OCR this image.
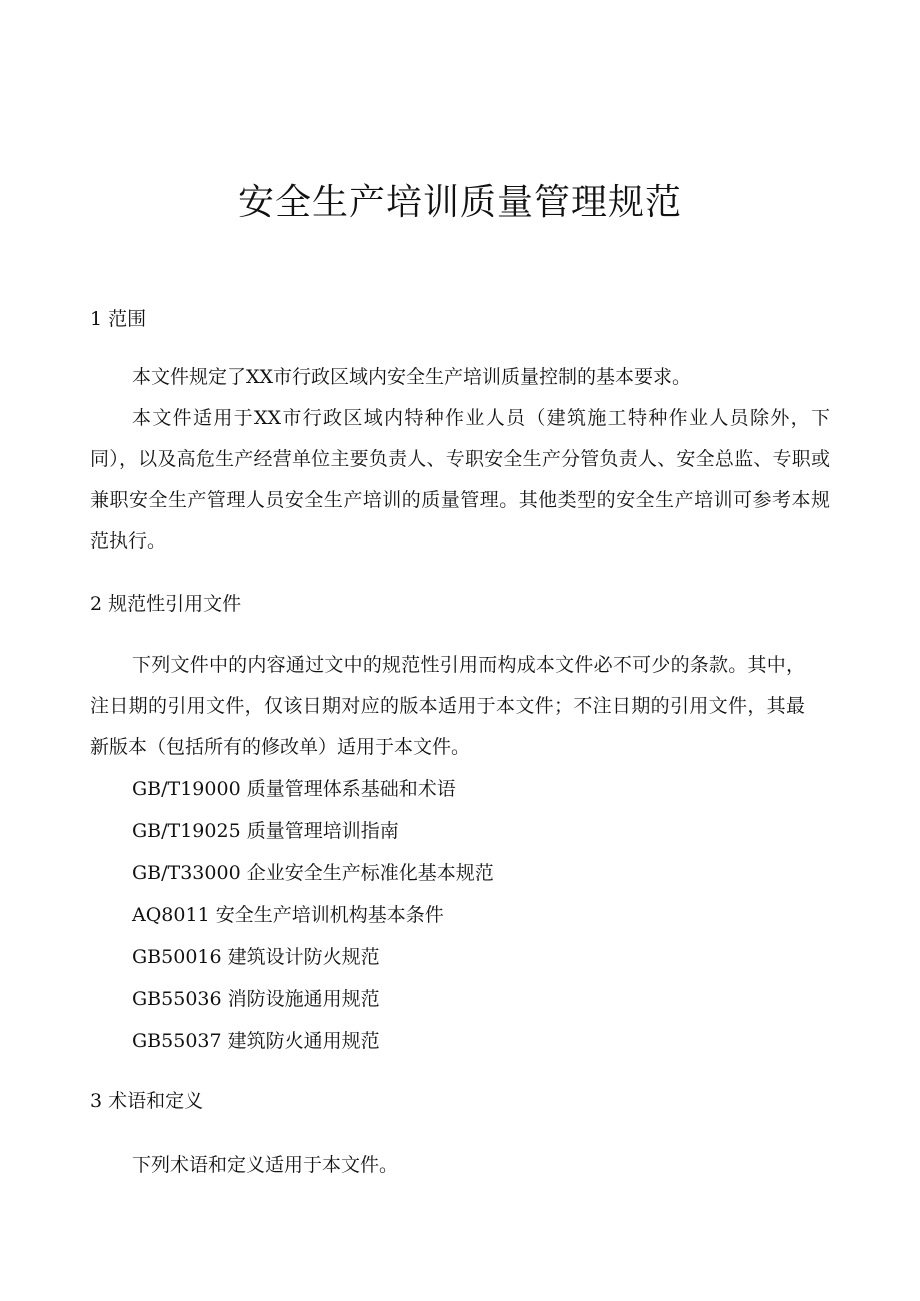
安全生产培训质量管理规范
1 范围
本文件规定了XX市行政区域内安全生产培训质量控制的基本要求。
本文件适用于XX市行政区域内特种作业人员（建筑施工特种作业人员除外，下同），以及高危生产经营单位主要负责人、专职安全生产分管负责人、安全总监、专职或兼职安全生产管理人员安全生产培训的质量管理。其他类型的安全生产培训可参考本规范执行。
2 规范性引用文件
下列文件中的内容通过文中的规范性引用而构成本文件必不可少的条款。其中，注日期的引用文件，仅该日期对应的版本适用于本文件；不注日期的引用文件，其最新版本（包括所有的修改单）适用于本文件。
GB/T19000 质量管理体系基础和术语
GB/T19025 质量管理培训指南
GB/T33000 企业安全生产标准化基本规范
AQ8011 安全生产培训机构基本条件
GB50016 建筑设计防火规范
GB55036 消防设施通用规范
GB55037 建筑防火通用规范
3 术语和定义
下列术语和定义适用于本文件。
